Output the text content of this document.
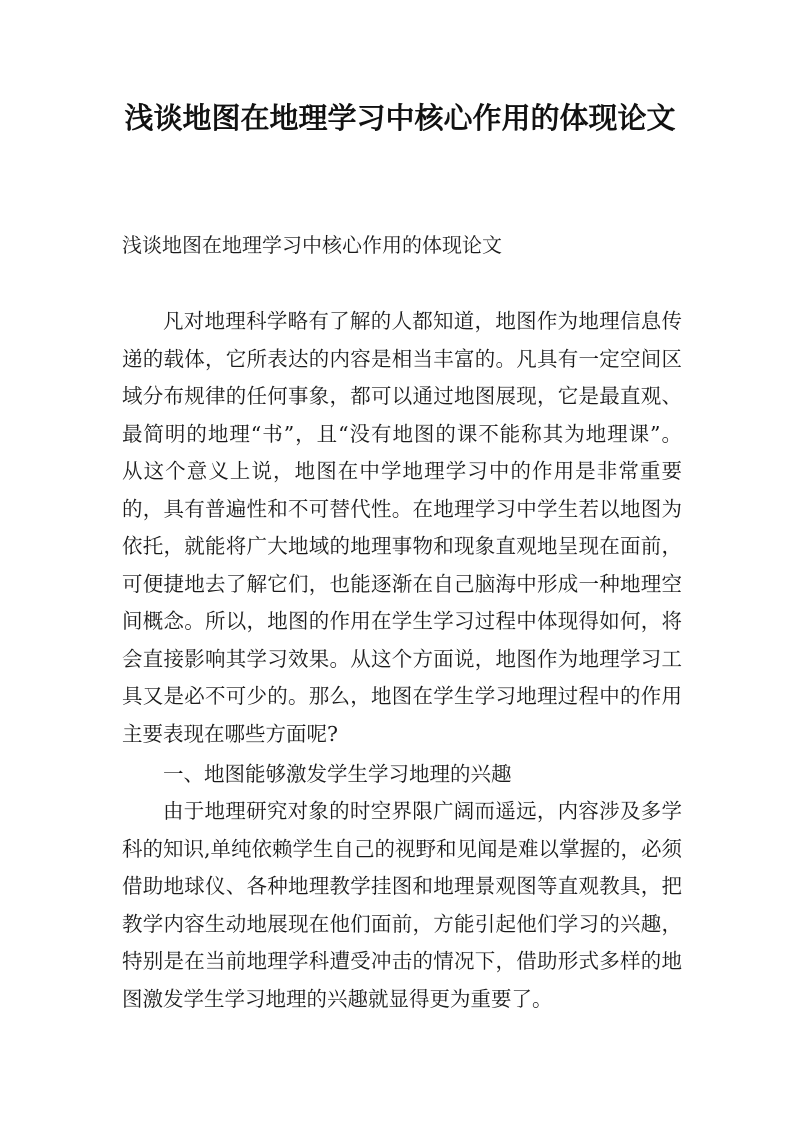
浅谈地图在地理学习中核心作用的体现论文

浅谈地图在地理学习中核心作用的体现论文

凡对地理科学略有了解的人都知道，地图作为地理信息传递的载体，它所表达的内容是相当丰富的。凡具有一定空间区域分布规律的任何事象，都可以通过地图展现，它是最直观、最简明的地理“书”，且“没有地图的课不能称其为地理课”。 从这个意义上说，地图在中学地理学习中的作用是非常重要的，具有普遍性和不可替代性。在地理学习中学生若以地图为依托，就能将广大地域的地理事物和现象直观地呈现在面前，可便捷地去了解它们，也能逐渐在自己脑海中形成一种地理空间概念。所以，地图的作用在学生学习过程中体现得如何，将会直接影响其学习效果。从这个方面说，地图作为地理学习工具又是必不可少的。那么，地图在学生学习地理过程中的作用主要表现在哪些方面呢?

一、地图能够激发学生学习地理的兴趣

由于地理研究对象的时空界限广阔而遥远，内容涉及多学科的知识,单纯依赖学生自己的视野和见闻是难以掌握的，必须借助地球仪、各种地理教学挂图和地理景观图等直观教具，把教学内容生动地展现在他们面前，方能引起他们学习的兴趣，特别是在当前地理学科遭受冲击的情况下，借助形式多样的地图激发学生学习地理的兴趣就显得更为重要了。
